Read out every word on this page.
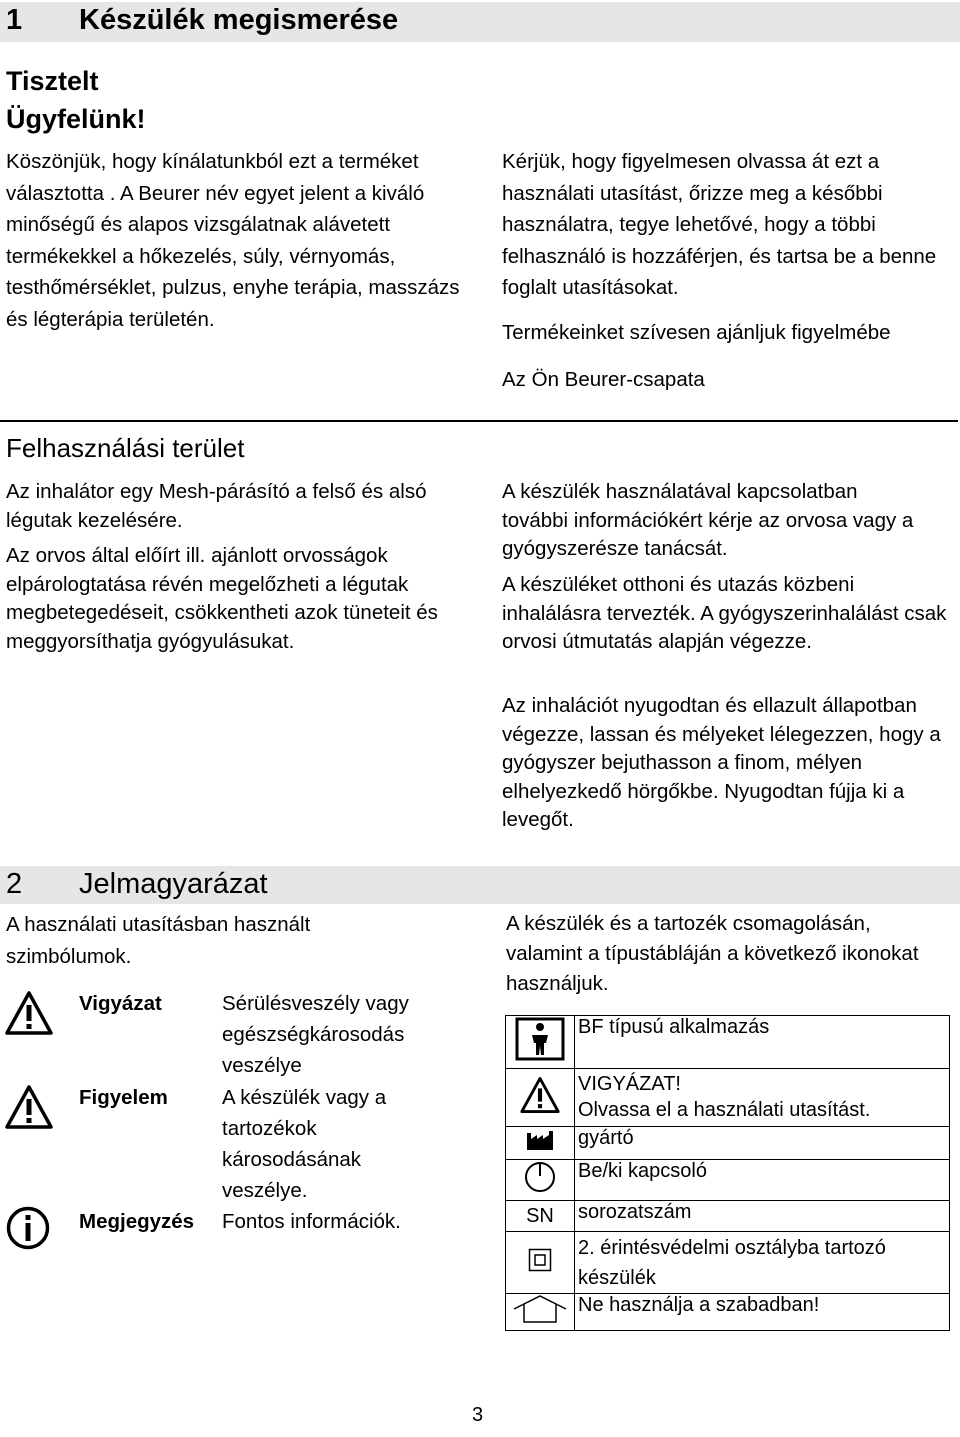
1 Készülék megismerése
Tisztelt
Ügyfelünk!

Köszönjük, hogy kínálatunkból ezt a terméket választotta . A Beurer név egyet jelent a kiváló minőségű és alapos vizsgálatnak alávetett termékekkel a hőkezelés, súly, vérnyomás, testhőmérséklet, pulzus, enyhe terápia, masszázs és légterápia területén.

Kérjük, hogy figyelmesen olvassa át ezt a használati utasítást, őrizze meg a későbbi használatra, tegye lehetővé, hogy a többi felhasználó is hozzáférjen, és tartsa be a benne foglalt utasításokat.

Termékeinket szívesen ajánljuk figyelmébe

Az Ön Beurer-csapata

Felhasználási terület

Az inhalátor egy Mesh-párásító a felső és alsó légutak kezelésére.

Az orvos által előírt ill. ajánlott orvosságok elpárologtatása révén megelőzheti a légutak megbetegedéseit, csökkentheti azok tüneteit és meggyorsíthatja gyógyulásukat.

A készülék használatával kapcsolatban további információkért kérje az orvosa vagy a gyógyszerésze tanácsát.

A készüléket otthoni és utazás közbeni inhalálásra tervezték. A gyógyszerinhalálást csak orvosi útmutatás alapján végezze.

Az inhalációt nyugodtan és ellazult állapotban végezze, lassan és mélyeket lélegezzen, hogy a gyógyszer bejuthasson a finom, mélyen elhelyezkedő hörgőkbe. Nyugodtan fújja ki a levegőt.

2 Jelmagyarázat

A használati utasításban használt szimbólumok.

A készülék és a tartozék csomagolásán, valamint a típustábláján a következő ikonokat használjuk.

Vigyázat	Sérülésveszély vagy egészségkárosodás veszélye
Figyelem	A készülék vagy a tartozékok károsodásának veszélye.
Megjegyzés Fontos információk.
	BF típusú alkalmazás

VIGYÁZAT!
Olvassa el a használati utasítást.

	gyártó
	Be/ki kapcsoló
SN	sorozatszám
	2. érintésvédelmi osztályba tartozó készülék
	Ne használja a szabadban!
3
